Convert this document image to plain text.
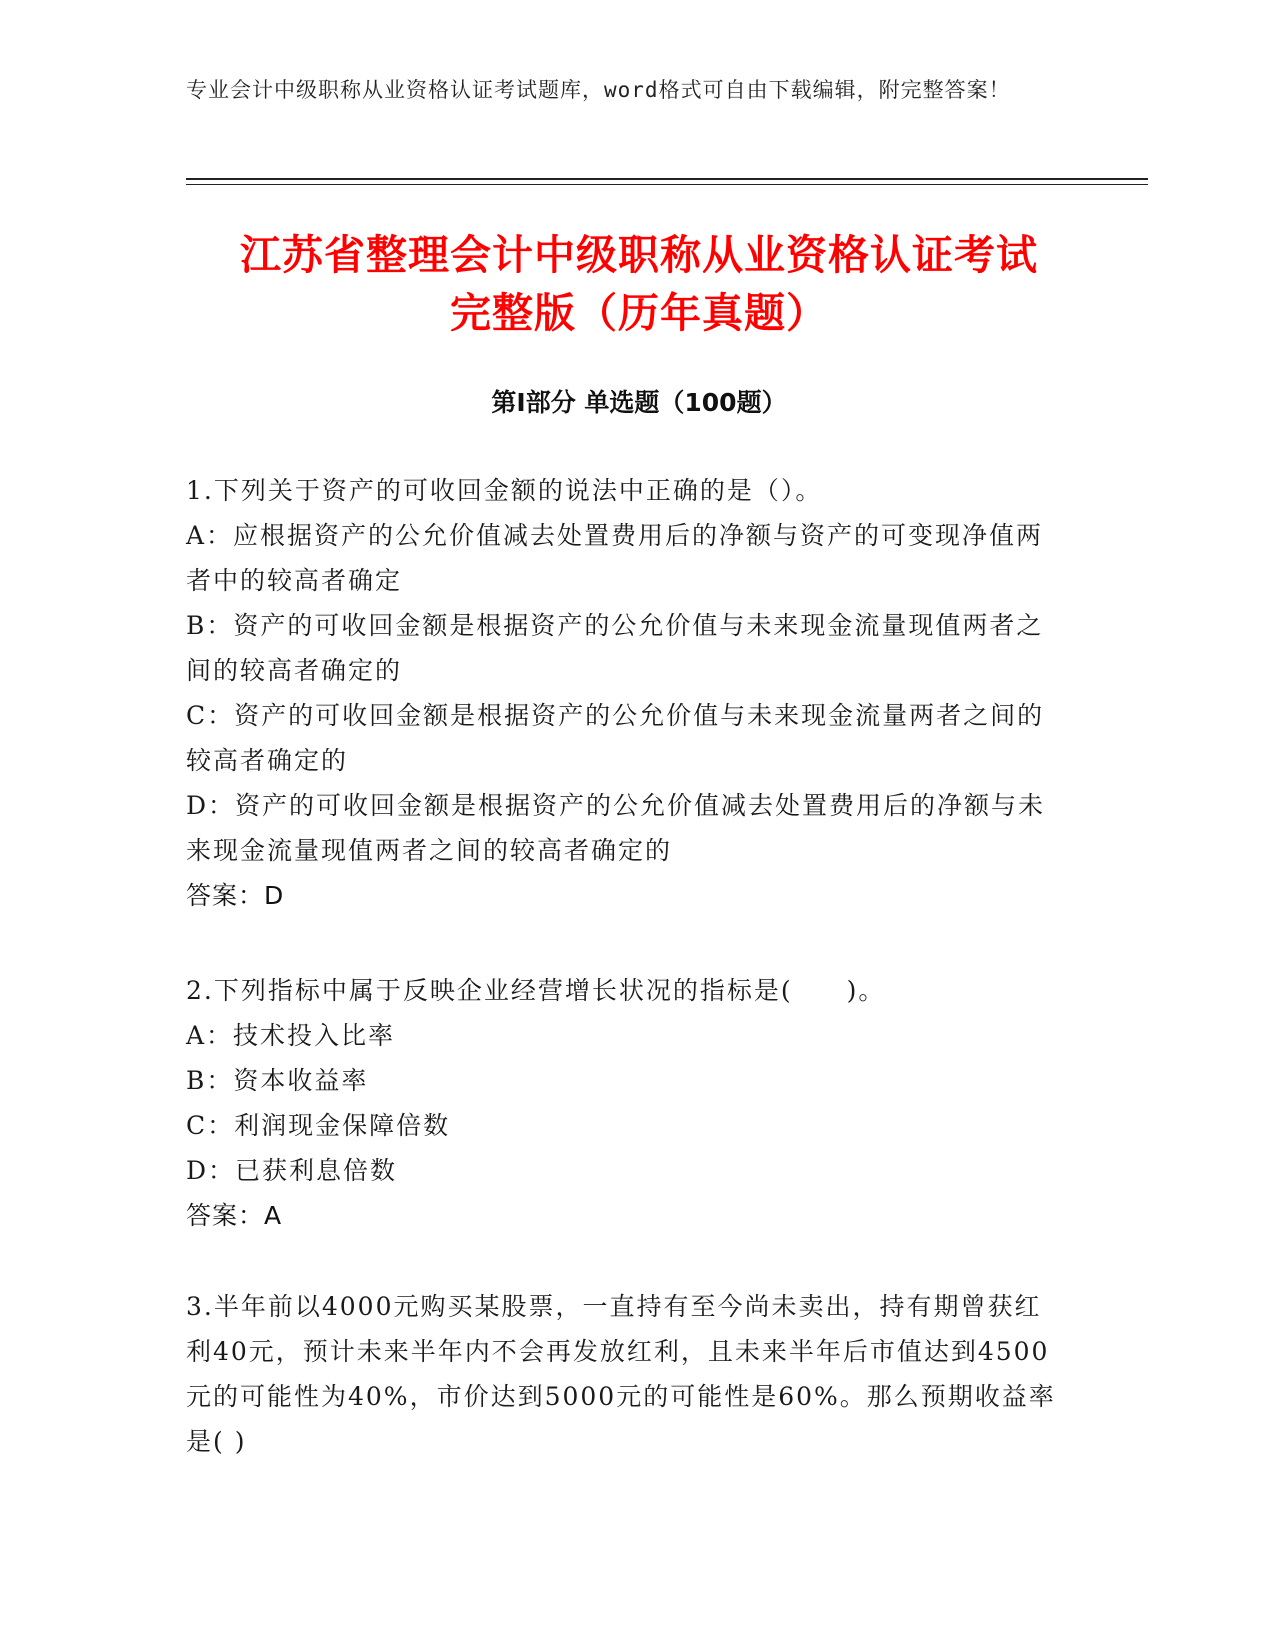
专业会计中级职称从业资格认证考试题库，word格式可自由下载编辑，附完整答案！
江苏省整理会计中级职称从业资格认证考试
完整版（历年真题）
第I部分 单选题（100题）

1.下列关于资产的可收回金额的说法中正确的是（）。

A：应根据资产的公允价值减去处置费用后的净额与资产的可变现净值两者中的较高者确定

B：资产的可收回金额是根据资产的公允价值与未来现金流量现值两者之间的较高者确定的

C：资产的可收回金额是根据资产的公允价值与未来现金流量两者之间的较高者确定的

D：资产的可收回金额是根据资产的公允价值减去处置费用后的净额与未来现金流量现值两者之间的较高者确定的

答案：D

2.下列指标中属于反映企业经营增长状况的指标是(　　)。

A：技术投入比率

B：资本收益率

C：利润现金保障倍数

D：已获利息倍数

答案：A

3.半年前以4000元购买某股票，一直持有至今尚未卖出，持有期曾获红利40元，预计未来半年内不会再发放红利，且未来半年后市值达到4500元的可能性为40%，市价达到5000元的可能性是60%。那么预期收益率是( )
